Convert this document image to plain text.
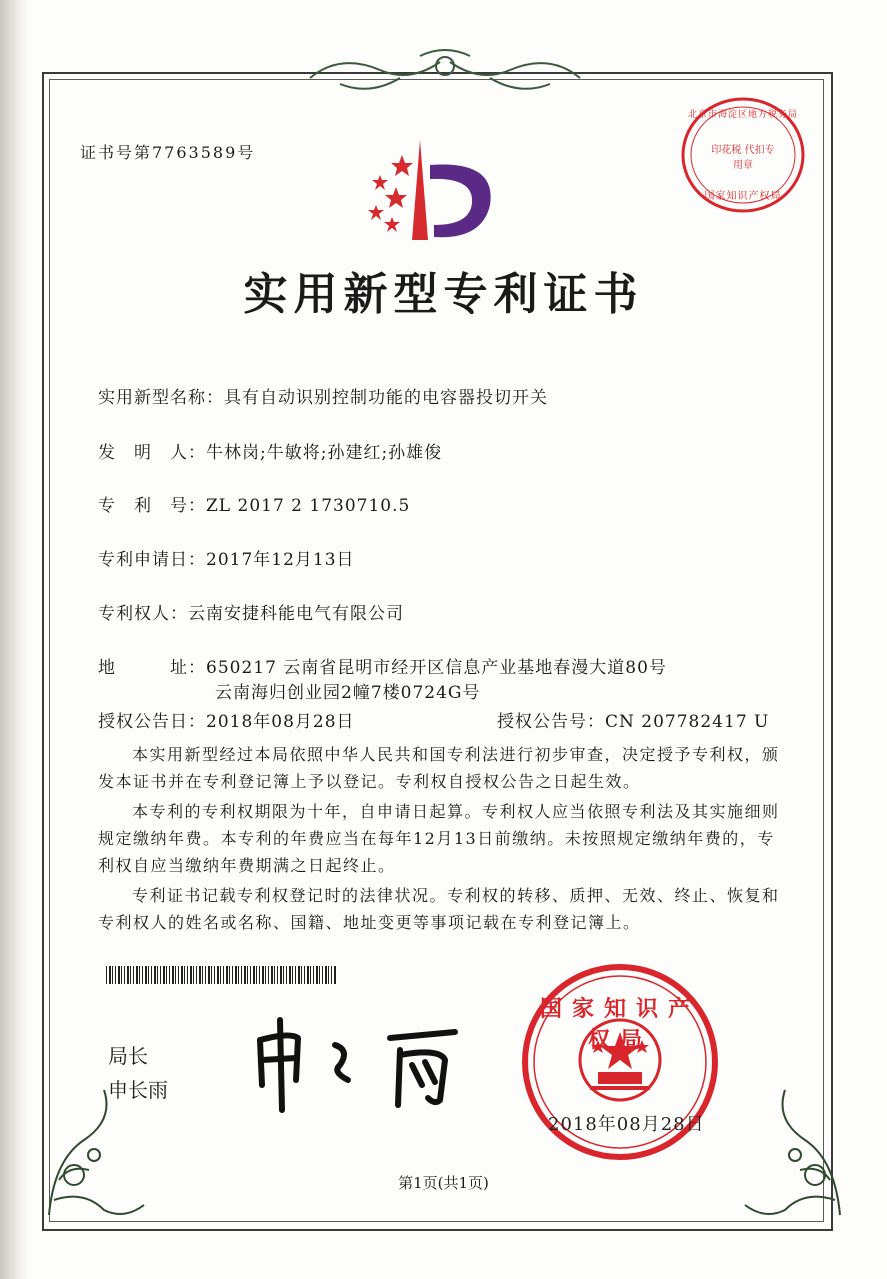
证书号第7763589号
北京市海淀区地方税务局
印花税 代扣专用章
国家知识产权局
实用新型专利证书
实用新型名称：具有自动识别控制功能的电容器投切开关
发　明　人：牛林岗;牛敏将;孙建红;孙雄俊
专　利　号：ZL 2017 2 1730710.5
专利申请日：2017年12月13日
专利权人：云南安捷科能电气有限公司
地　　　址：650217 云南省昆明市经开区信息产业基地春漫大道80号
云南海归创业园2幢7楼0724G号
授权公告日：2018年08月28日	授权公告号：CN 207782417 U

本实用新型经过本局依照中华人民共和国专利法进行初步审查，决定授予专利权，颁发本证书并在专利登记簿上予以登记。专利权自授权公告之日起生效。

本专利的专利权期限为十年，自申请日起算。专利权人应当依照专利法及其实施细则规定缴纳年费。本专利的年费应当在每年12月13日前缴纳。未按照规定缴纳年费的，专利权自应当缴纳年费期满之日起终止。

专利证书记载专利权登记时的法律状况。专利权的转移、质押、无效、终止、恢复和专利权人的姓名或名称、国籍、地址变更等事项记载在专利登记簿上。

局长
申长雨
国家知识产权局
2018年08月28日
第1页(共1页)
